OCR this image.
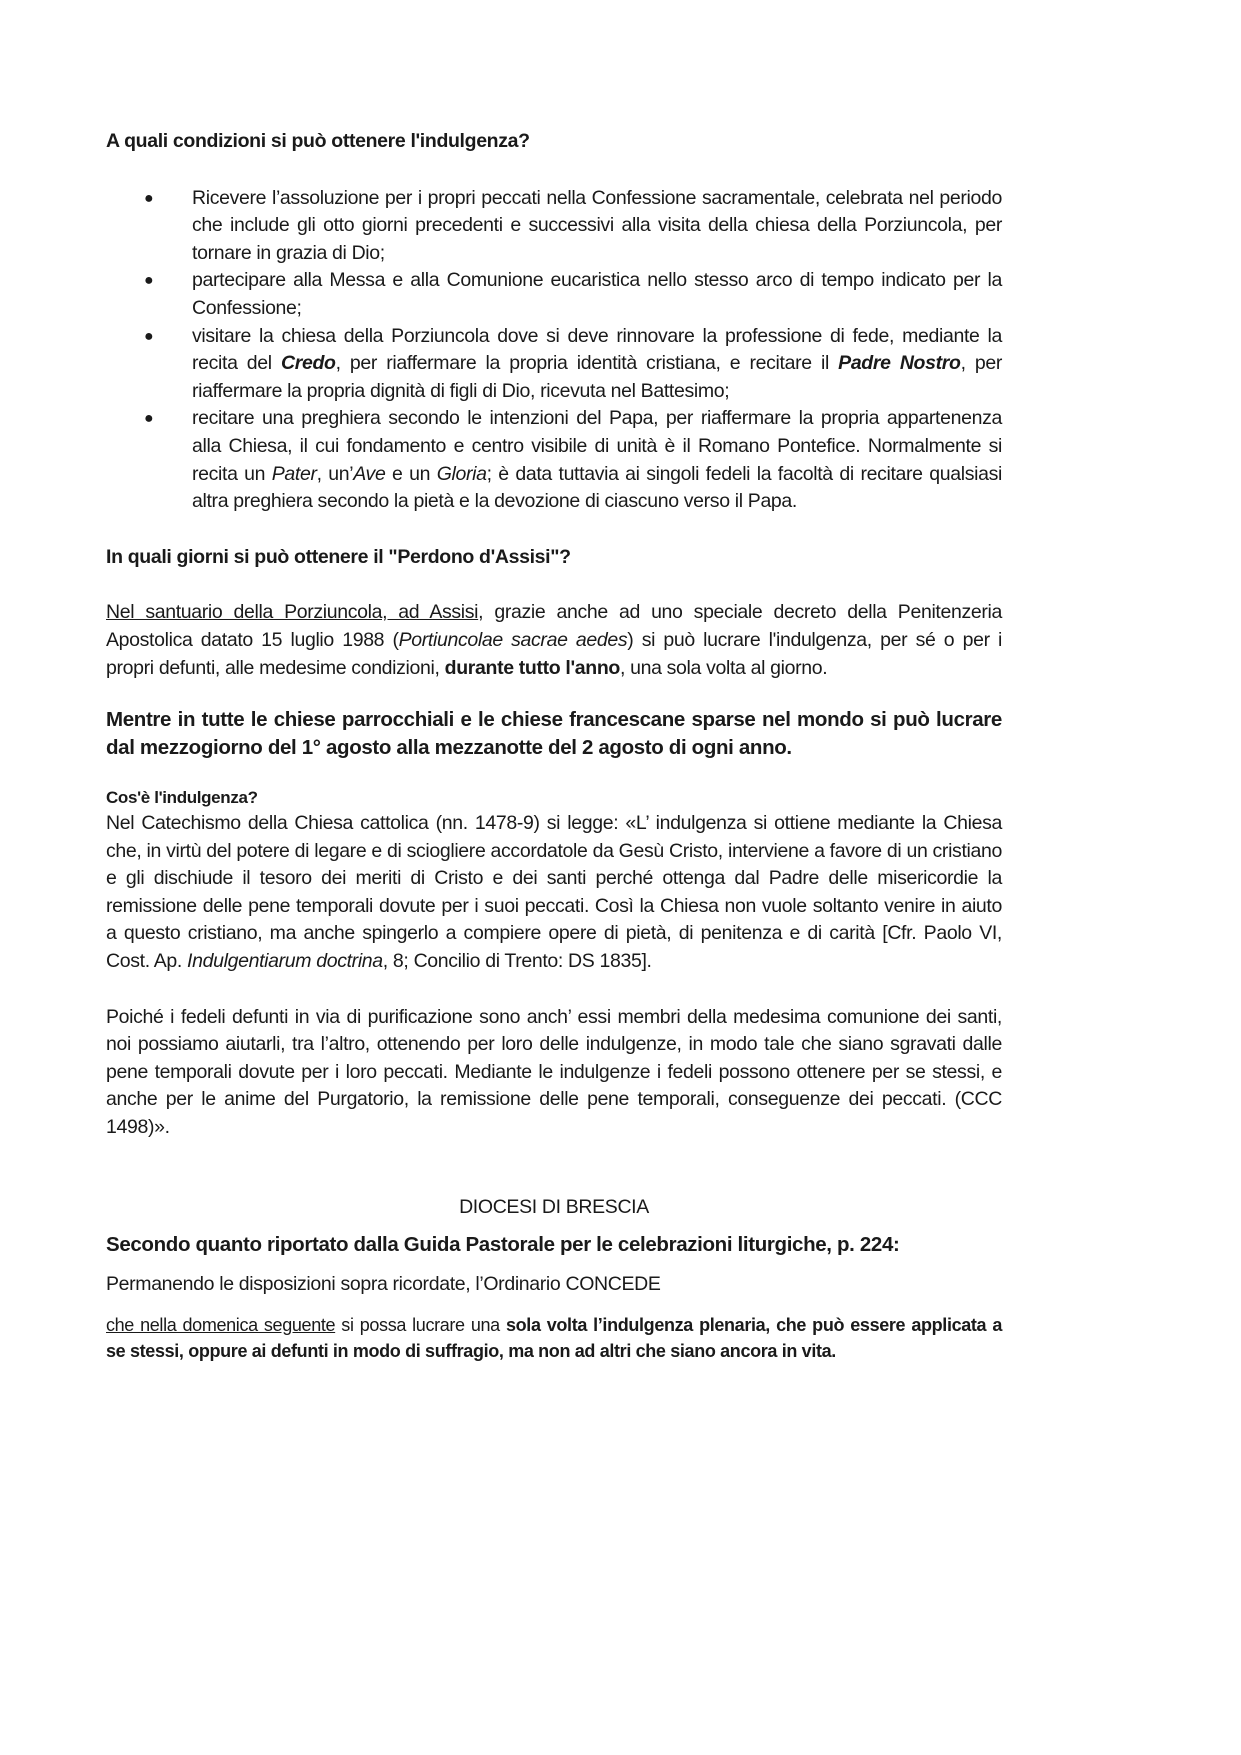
A quali condizioni si può ottenere l'indulgenza?
● Ricevere l’assoluzione per i propri peccati nella Confessione sacramentale, celebrata nel periodo che include gli otto giorni precedenti e successivi alla visita della chiesa della Porziuncola, per tornare in grazia di Dio;
● partecipare alla Messa e alla Comunione eucaristica nello stesso arco di tempo indicato per la Confessione;
● visitare la chiesa della Porziuncola dove si deve rinnovare la professione di fede, mediante la recita del Credo, per riaffermare la propria identità cristiana, e recitare il Padre Nostro, per riaffermare la propria dignità di figli di Dio, ricevuta nel Battesimo;
● recitare una preghiera secondo le intenzioni del Papa, per riaffermare la propria appartenenza alla Chiesa, il cui fondamento e centro visibile di unità è il Romano Pontefice. Normalmente si recita un Pater, un’Ave e un Gloria; è data tuttavia ai singoli fedeli la facoltà di recitare qualsiasi altra preghiera secondo la pietà e la devozione di ciascuno verso il Papa.
In quali giorni si può ottenere il "Perdono d'Assisi"?

Nel santuario della Porziuncola, ad Assisi, grazie anche ad uno speciale decreto della Penitenzeria Apostolica datato 15 luglio 1988 (Portiuncolae sacrae aedes) si può lucrare l'indulgenza, per sé o per i propri defunti, alle medesime condizioni, durante tutto l'anno, una sola volta al giorno.

Mentre in tutte le chiese parrocchiali e le chiese francescane sparse nel mondo si può lucrare dal mezzogiorno del 1° agosto alla mezzanotte del 2 agosto di ogni anno.

Cos'è l'indulgenza?

Nel Catechismo della Chiesa cattolica (nn. 1478-9) si legge: «L’ indulgenza si ottiene mediante la Chiesa che, in virtù del potere di legare e di sciogliere accordatole da Gesù Cristo, interviene a favore di un cristiano e gli dischiude il tesoro dei meriti di Cristo e dei santi perché ottenga dal Padre delle misericordie la remissione delle pene temporali dovute per i suoi peccati. Così la Chiesa non vuole soltanto venire in aiuto a questo cristiano, ma anche spingerlo a compiere opere di pietà, di penitenza e di carità [Cfr. Paolo VI, Cost. Ap. Indulgentiarum doctrina, 8; Concilio di Trento: DS 1835].

Poiché i fedeli defunti in via di purificazione sono anch’ essi membri della medesima comunione dei santi, noi possiamo aiutarli, tra l’altro, ottenendo per loro delle indulgenze, in modo tale che siano sgravati dalle pene temporali dovute per i loro peccati. Mediante le indulgenze i fedeli possono ottenere per se stessi, e anche per le anime del Purgatorio, la remissione delle pene temporali, conseguenze dei peccati. (CCC 1498)».

DIOCESI DI BRESCIA
Secondo quanto riportato dalla Guida Pastorale per le celebrazioni liturgiche, p. 224:
Permanendo le disposizioni sopra ricordate, l’Ordinario CONCEDE

che nella domenica seguente si possa lucrare una sola volta l’indulgenza plenaria, che può essere applicata a se stessi, oppure ai defunti in modo di suffragio, ma non ad altri che siano ancora in vita.
